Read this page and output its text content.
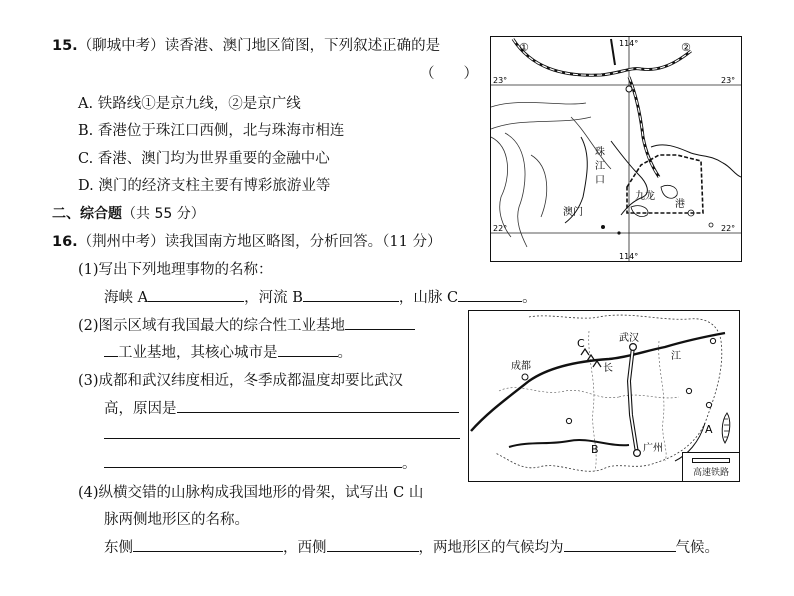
15.（聊城中考）读香港、澳门地区简图，下列叙述正确的是
（　　）
A. 铁路线①是京九线，②是京广线
B. 香港位于珠江口西侧，北与珠海市相连
C. 香港、澳门均为世界重要的金融中心
D. 澳门的经济支柱主要有博彩旅游业等
二、综合题（共 55 分）
16.（荆州中考）读我国南方地区略图，分析回答。（11 分）
(1)写出下列地理事物的名称：
海峡 A	，河流 B	，山脉 C	。
(2)图示区域有我国最大的综合性工业基地
工业基地，其核心城市是	。
(3)成都和武汉纬度相近，冬季成都温度却要比武汉
高，原因是
。
(4)纵横交错的山脉构成我国地形的骨架，试写出 C 山
脉两侧地形区的名称。
东侧	，西侧	，两地形区的气候均为	气候。
①	②
114°
114°
23°	23°
22°	22°
珠
江
口
澳门
九龙
港
成都
武汉
广州
C
A
B
长
江
高速铁路
